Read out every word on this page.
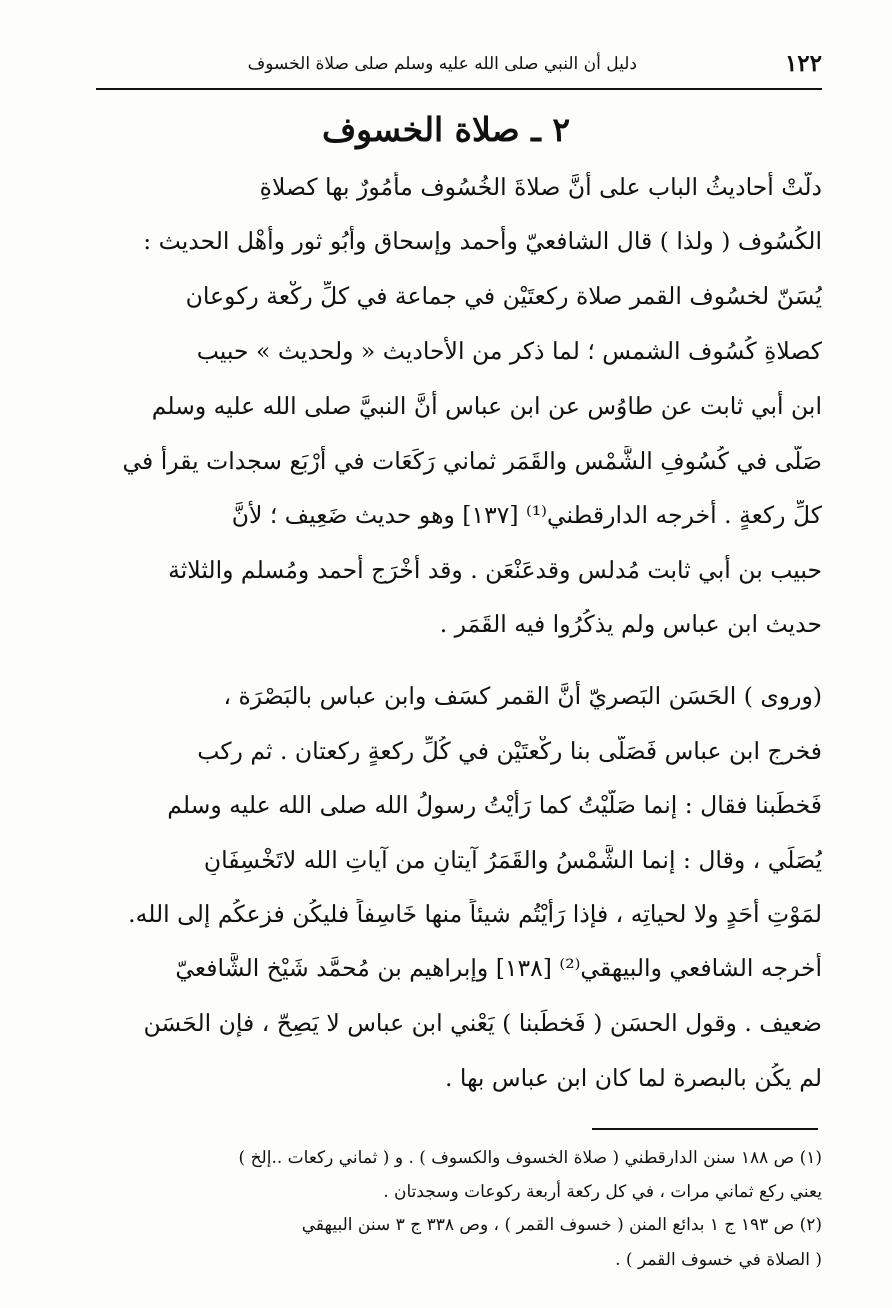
١٢٢
دليل أن النبي صلى الله عليه وسلم صلى صلاة الخسوف
٢ ـ صلاة الخسوف
دلَّتْ أحاديثُ الباب على أنَّ صلاةَ الخُسُوف مأمُورٌ بها كصلاةِ
الكُسُوف ( ولذا ) قال الشافعيّ وأحمد وإسحاق وأبُو ثور وأهْل الحديث :
يُسَنّ لخسُوف القمر صلاة ركعتَيْن في جماعة في كلِّ ركْعة ركوعان
كصلاةِ كُسُوف الشمس ؛ لما ذكر من الأحاديث « ولحديث » حبيب
ابن أبي ثابت عن طاوُس عن ابن عباس أنَّ النبيَّ صلى الله عليه وسلم
صَلَّى في كُسُوفِ الشَّمْس والقَمَر ثماني رَكَعَات في أرْبَع سجدات يقرأُ في
كلِّ ركعةٍ . أخرجه الدارقطني⁽¹⁾ [١٣٧] وهو حديث ضَعِيف ؛ لأنَّ
حبيب بن أبي ثابت مُدلس وقدعَنْعَن . وقد أخْرَج أحمد ومُسلم والثلاثة
حديث ابن عباس ولم يذكُرُوا فيه القَمَر .
(وروى ) الحَسَن البَصريّ أنَّ القمر كسَف وابن عباس بالبَصْرَة ،
فخرج ابن عباس فَصَلَّى بنا ركْعتَيْن في كُلِّ ركعةٍ ركعتان . ثم ركب
فَخطَبنا فقال : إنما صَلَّيْتُ كما رَأيْتُ رسولُ الله صلى الله عليه وسلم
يُصَلِّي ، وقال : إنما الشَّمْسُ والقَمَرُ آيتانِ من آياتِ الله لاتَخْسِفَانِ
لمَوْتِ أحَدٍ ولا لحياتِه ، فإذا رَأيْتُم شيئاً منها خَاسِفاً فليكُن فزعكُم إلى الله.
أخرجه الشافعي والبيهقي⁽²⁾ [١٣٨] وإبراهيم بن مُحمَّد شَيْخ الشَّافعيّ
ضعيف . وقول الحسَن ( فَخطَبنا ) يَعْني ابن عباس لا يَصِحّ ، فإن الحَسَن
لم يكُن بالبصرة لما كان ابن عباس بها .
(١) ص ١٨٨ سنن الدارقطني ( صلاة الخسوف والكسوف ) . و ( ثماني ركعات ..إلخ )
يعني ركع ثماني مرات ، في كل ركعة أربعة ركوعات وسجدتان .
(٢) ص ١٩٣ ج ١ بدائع المنن ( خسوف القمر ) ، وص ٣٣٨ ج ٣ سنن البيهقي
( الصلاة في خسوف القمر ) .
